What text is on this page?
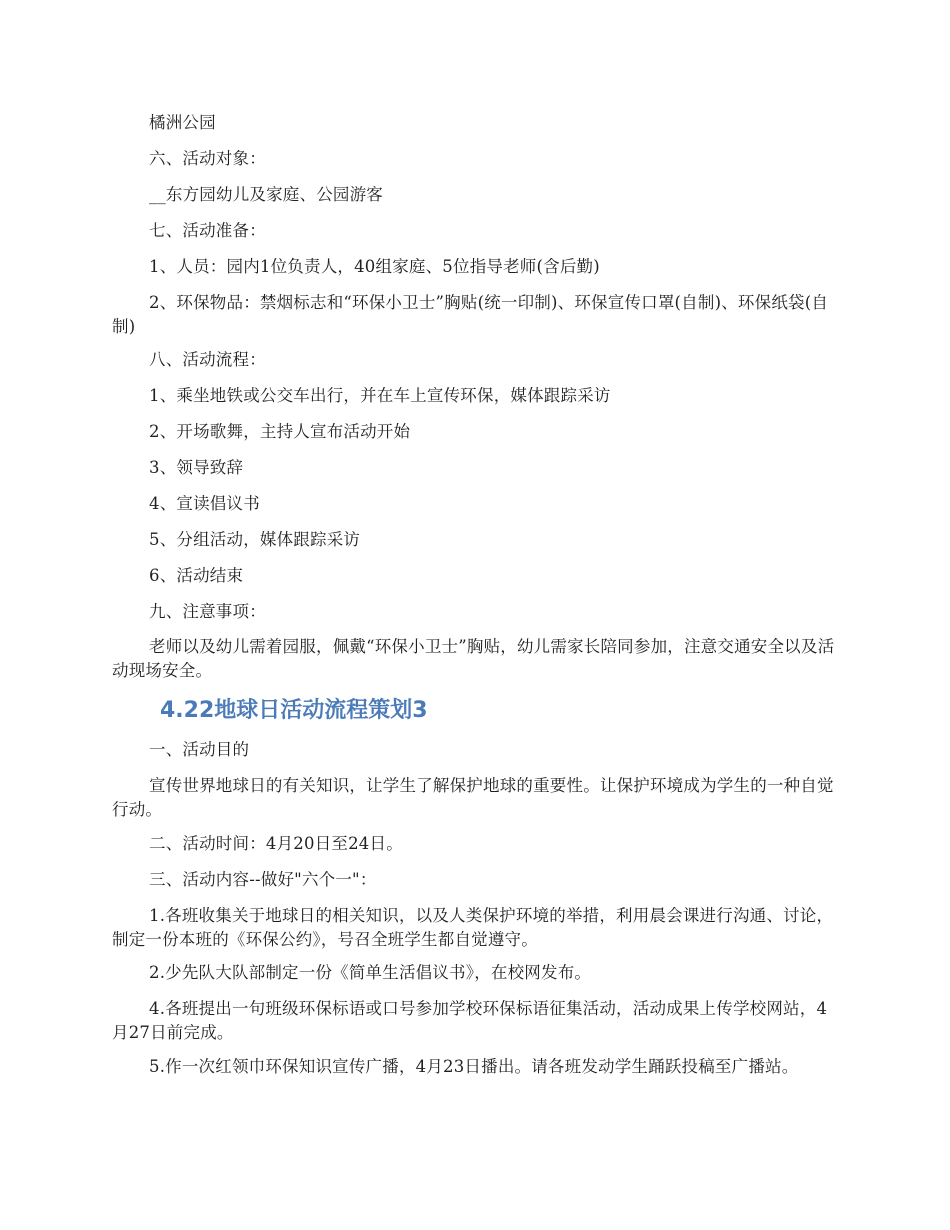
橘洲公园

六、活动对象：

__东方园幼儿及家庭、公园游客

七、活动准备：

1、人员：园内1位负责人，40组家庭、5位指导老师(含后勤)

2、环保物品：禁烟标志和“环保小卫士”胸贴(统一印制)、环保宣传口罩(自制)、环保纸袋(自制)

八、活动流程：

1、乘坐地铁或公交车出行，并在车上宣传环保，媒体跟踪采访

2、开场歌舞，主持人宣布活动开始

3、领导致辞

4、宣读倡议书

5、分组活动，媒体跟踪采访

6、活动结束

九、注意事项：

老师以及幼儿需着园服，佩戴“环保小卫士”胸贴，幼儿需家长陪同参加，注意交通安全以及活动现场安全。

4.22地球日活动流程策划3

一、活动目的

宣传世界地球日的有关知识，让学生了解保护地球的重要性。让保护环境成为学生的一种自觉行动。

二、活动时间：4月20日至24日。

三、活动内容--做好"六个一"：

1.各班收集关于地球日的相关知识，以及人类保护环境的举措，利用晨会课进行沟通、讨论，制定一份本班的《环保公约》，号召全班学生都自觉遵守。

2.少先队大队部制定一份《简单生活倡议书》，在校网发布。

4.各班提出一句班级环保标语或口号参加学校环保标语征集活动，活动成果上传学校网站，4月27日前完成。

5.作一次红领巾环保知识宣传广播，4月23日播出。请各班发动学生踊跃投稿至广播站。
